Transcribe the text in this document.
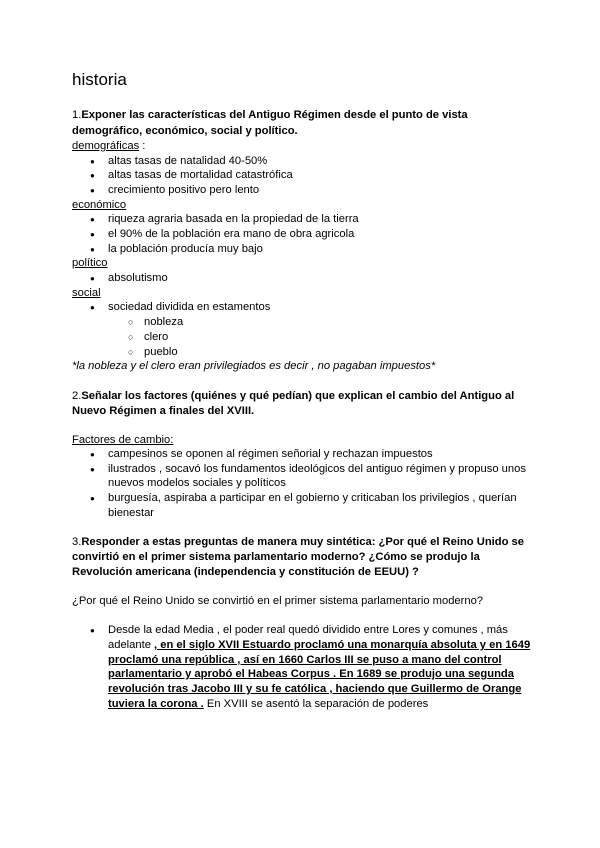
historia
1.Exponer las características del Antiguo Régimen desde el punto de vista
demográfico, económico, social y político.
demográficas :
● altas tasas de natalidad 40-50%
● altas tasas de mortalidad catastrófica
● crecimiento positivo pero lento
económico
● riqueza agraria basada en la propiedad de la tierra
● el 90% de la población era mano de obra agricola
● la población producía muy bajo
político
● absolutismo
social
● sociedad dividida en estamentos
○ nobleza
○ clero
○ pueblo
*la nobleza y el clero eran privilegiados es decir , no pagaban impuestos*
2.Señalar los factores (quiénes y qué pedían) que explican el cambio del Antiguo al
Nuevo Régimen a finales del XVIII.
Factores de cambio:
● campesinos se oponen al régimen señorial y rechazan impuestos
● ilustrados , socavó los fundamentos ideológicos del antiguo régimen y propuso unos
nuevos modelos sociales y políticos
● burguesía, aspiraba a participar en el gobierno y criticaban los privilegios , querían
bienestar
3.Responder a estas preguntas de manera muy sintética: ¿Por qué el Reino Unido se
convirtió en el primer sistema parlamentario moderno? ¿Cómo se produjo la
Revolución americana (independencia y constitución de EEUU) ?
¿Por qué el Reino Unido se convirtió en el primer sistema parlamentario moderno?
● Desde la edad Media , el poder real quedó dividido entre Lores y comunes , más
adelante , en el siglo XVII Estuardo proclamó una monarquía absoluta y en 1649
proclamó una república , así en 1660 Carlos III se puso a mano del control
parlamentario y aprobó el Habeas Corpus . En 1689 se produjo una segunda
revolución tras Jacobo III y su fe católica , haciendo que Guillermo de Orange
tuviera la corona . En XVIII se asentó la separación de poderes
